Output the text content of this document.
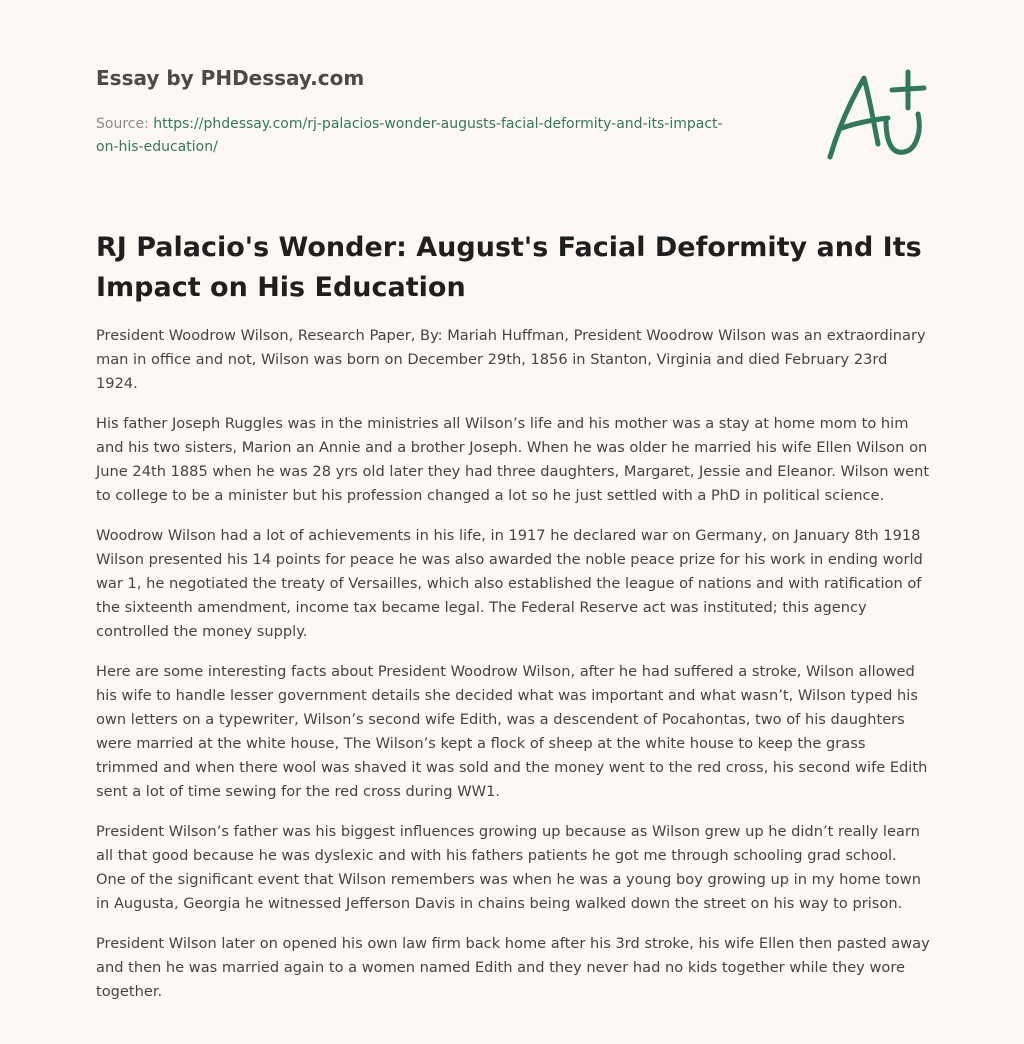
Essay by PHDessay.com

Source: https://phdessay.com/rj-palacios-wonder-augusts-facial-deformity-and-its-impact-on-his-education/

RJ Palacio's Wonder: August's Facial Deformity and Its Impact on His Education

President Woodrow Wilson, Research Paper, By: Mariah Huffman, President Woodrow Wilson was an extraordinary man in office and not, Wilson was born on December 29th, 1856 in Stanton, Virginia and died February 23rd 1924.

His father Joseph Ruggles was in the ministries all Wilson’s life and his mother was a stay at home mom to him and his two sisters, Marion an Annie and a brother Joseph. When he was older he married his wife Ellen Wilson on June 24th 1885 when he was 28 yrs old later they had three daughters, Margaret, Jessie and Eleanor. Wilson went to college to be a minister but his profession changed a lot so he just settled with a PhD in political science.

Woodrow Wilson had a lot of achievements in his life, in 1917 he declared war on Germany, on January 8th 1918 Wilson presented his 14 points for peace he was also awarded the noble peace prize for his work in ending world war 1, he negotiated the treaty of Versailles, which also established the league of nations and with ratification of the sixteenth amendment, income tax became legal. The Federal Reserve act was instituted; this agency controlled the money supply.

Here are some interesting facts about President Woodrow Wilson, after he had suffered a stroke, Wilson allowed his wife to handle lesser government details she decided what was important and what wasn’t, Wilson typed his own letters on a typewriter, Wilson’s second wife Edith, was a descendent of Pocahontas, two of his daughters were married at the white house, The Wilson’s kept a flock of sheep at the white house to keep the grass trimmed and when there wool was shaved it was sold and the money went to the red cross, his second wife Edith sent a lot of time sewing for the red cross during WW1.

President Wilson’s father was his biggest influences growing up because as Wilson grew up he didn’t really learn all that good because he was dyslexic and with his fathers patients he got me through schooling grad school. One of the significant event that Wilson remembers was when he was a young boy growing up in my home town in Augusta, Georgia he witnessed Jefferson Davis in chains being walked down the street on his way to prison.

President Wilson later on opened his own law firm back home after his 3rd stroke, his wife Ellen then pasted away and then he was married again to a women named Edith and they never had no kids together while they wore together.
